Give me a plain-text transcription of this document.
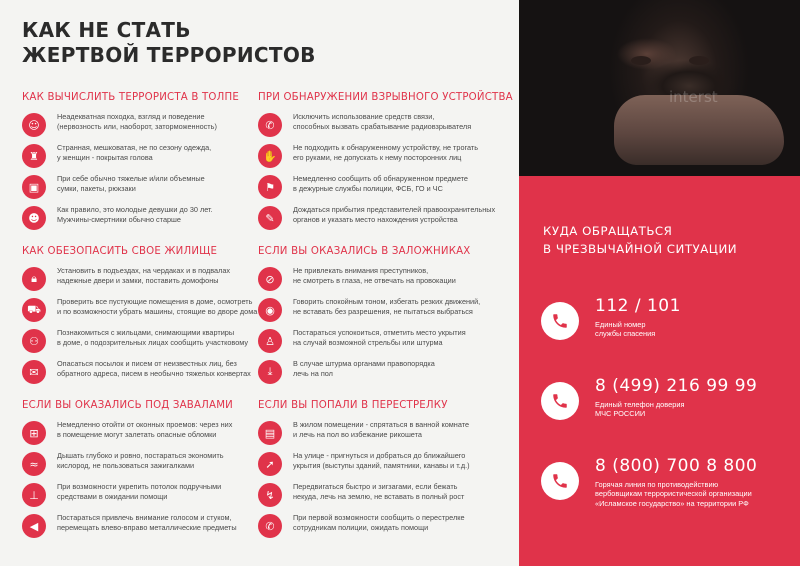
КАК НЕ СТАТЬ
ЖЕРТВОЙ ТЕРРОРИСТОВ
КАК ВЫЧИСЛИТЬ ТЕРРОРИСТА В ТОЛПЕ
☺
Неадекватная походка, взгляд и поведение
(нервозность или, наоборот, заторможенность)
♜
Странная, мешковатая, не по сезону одежда,
у женщин - покрытая голова
▣
При себе обычно тяжелые и/или объемные
сумки, пакеты, рюкзаки
☻
Как правило, это молодые девушки до 30 лет.
Мужчины-смертники обычно старше
ПРИ ОБНАРУЖЕНИИ ВЗРЫВНОГО УСТРОЙСТВА
✆
Исключить использование средств связи,
способных вызвать срабатывание радиовзрывателя
✋
Не подходить к обнаруженному устройству, не трогать
его руками, не допускать к нему посторонних лиц
⚑
Немедленно сообщить об обнаруженном предмете
в дежурные службы полиции, ФСБ, ГО и ЧС
✎
Дождаться прибытия представителей правоохранительных
органов и указать место нахождения устройства
КАК ОБЕЗОПАСИТЬ СВОЕ ЖИЛИЩЕ
🔒︎
Установить в подъездах, на чердаках и в подвалах
надежные двери и замки, поставить домофоны
⛟
Проверить все пустующие помещения в доме, осмотреть
и по возможности убрать машины, стоящие во дворе дома
⚇
Познакомиться с жильцами, снимающими квартиры
в доме, о подозрительных лицах сообщить участковому
✉
Опасаться посылок и писем от неизвестных лиц, без
обратного адреса, писем в необычно тяжелых конвертах
ЕСЛИ ВЫ ОКАЗАЛИСЬ В ЗАЛОЖНИКАХ
⊘
Не привлекать внимания преступников,
не смотреть в глаза, не отвечать на провокации
◉
Говорить спокойным тоном, избегать резких движений,
не вставать без разрешения, не пытаться выбраться
♙
Постараться успокоиться, отметить место укрытия
на случай возможной стрельбы или штурма
⤓
В случае штурма органами правопорядка
лечь на пол
ЕСЛИ ВЫ ОКАЗАЛИСЬ ПОД ЗАВАЛАМИ
⊞
Немедленно отойти от оконных проемов: через них
в помещение могут залетать опасные обломки
≈
Дышать глубоко и ровно, постараться экономить
кислород, не пользоваться зажигалками
⊥
При возможности укрепить потолок подручными
средствами в ожидании помощи
◀
Постараться привлечь внимание голосом и стуком,
перемещать влево-вправо металлические предметы
ЕСЛИ ВЫ ПОПАЛИ В ПЕРЕСТРЕЛКУ
▤
В жилом помещении - спрятаться в ванной комнате
и лечь на пол во избежание рикошета
➚
На улице - пригнуться и добраться до ближайшего
укрытия (выступы зданий, памятники, канавы и т.д.)
↯
Передвигаться быстро и зигзагами, если бежать
некуда, лечь на землю, не вставать в полный рост
✆
При первой возможности сообщить о перестрелке
сотрудникам полиции, ожидать помощи
interst
КУДА ОБРАЩАТЬСЯ
В ЧРЕЗВЫЧАЙНОЙ СИТУАЦИИ
112 / 101
Единый номер
службы спасения
8 (499) 216 99 99
Единый телефон доверия
МЧС РОССИИ
8 (800) 700 8 800
Горячая линия по противодействию
вербовщикам террористической организации
«Исламское государство» на территории РФ
